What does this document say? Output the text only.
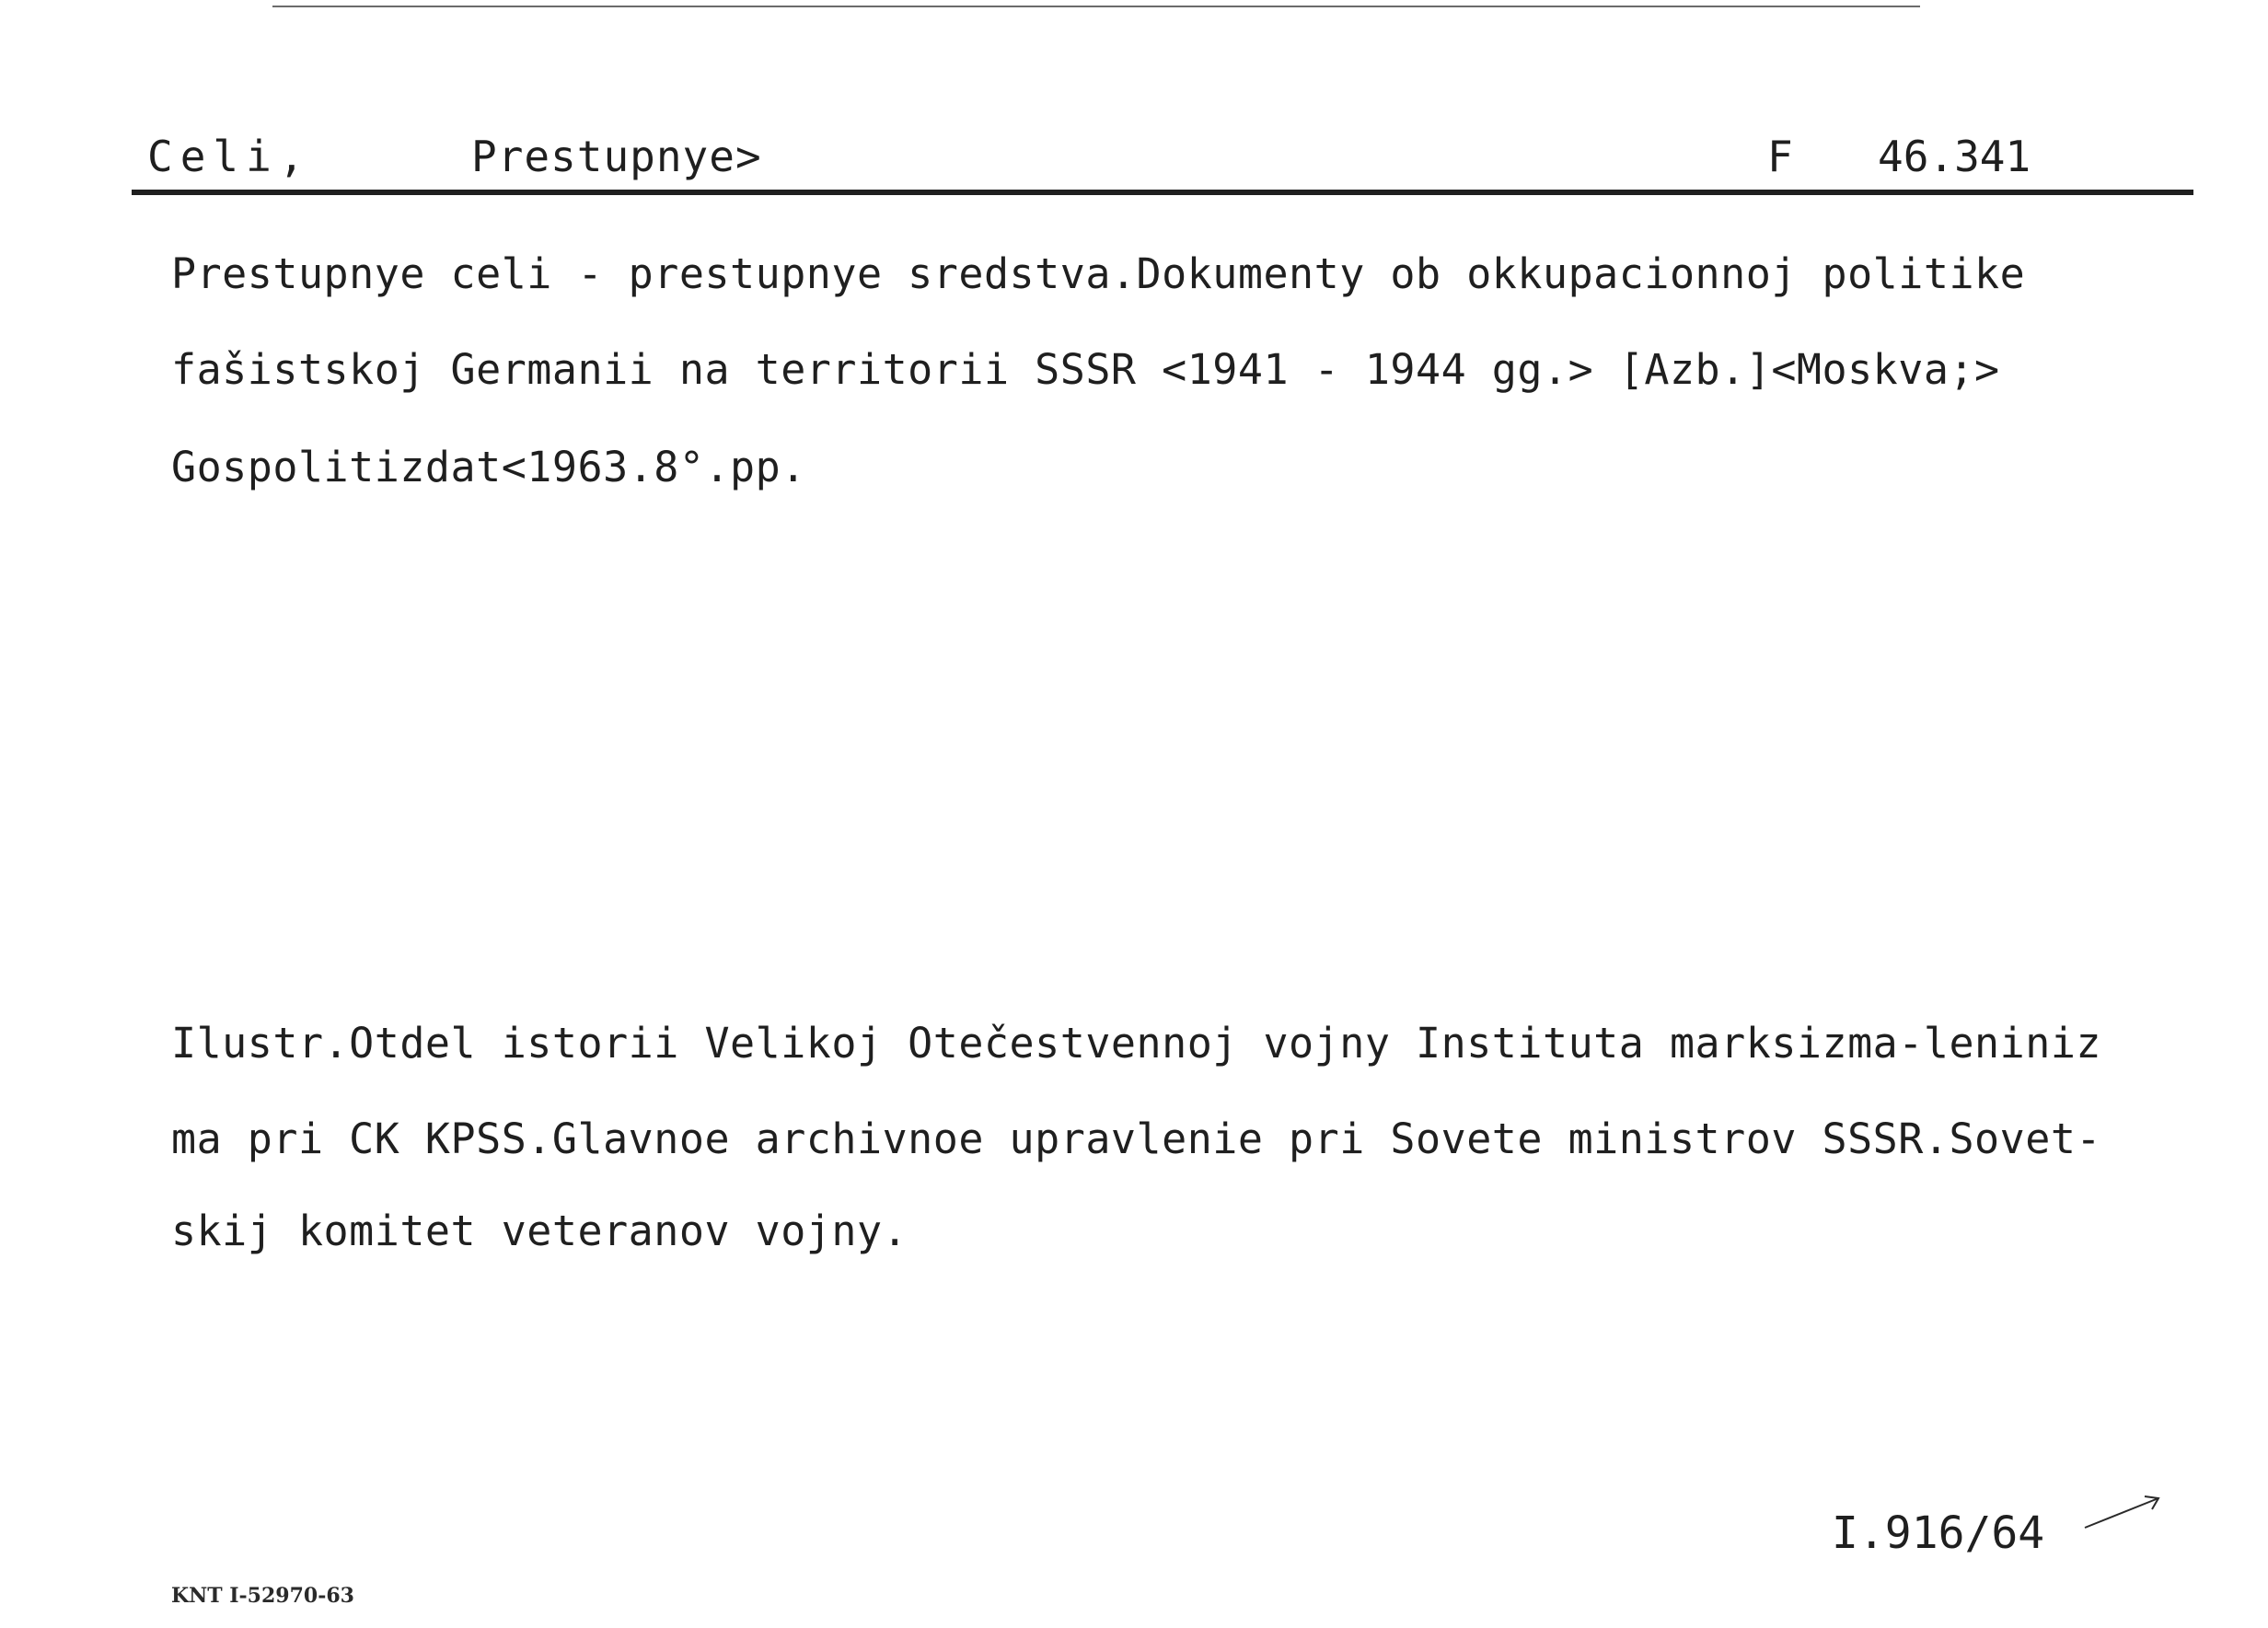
Celi,	Prestupnye>	F 46.341
Prestupnye celi - prestupnye sredstva.Dokumenty ob okkupacionnoj politike
fašistskoj Germanii na territorii SSSR <1941 - 1944 gg.> [Azb.]<Moskva;>
Gospolitizdat<1963.8°.pp.
Ilustr.Otdel istorii Velikoj Otečestvennoj vojny Instituta marksizma-leniniz
ma pri CK KPSS.Glavnoe archivnoe upravlenie pri Sovete ministrov SSSR.Sovet-
skij komitet veteranov vojny.
I.916/64
KNT I-52970-63
